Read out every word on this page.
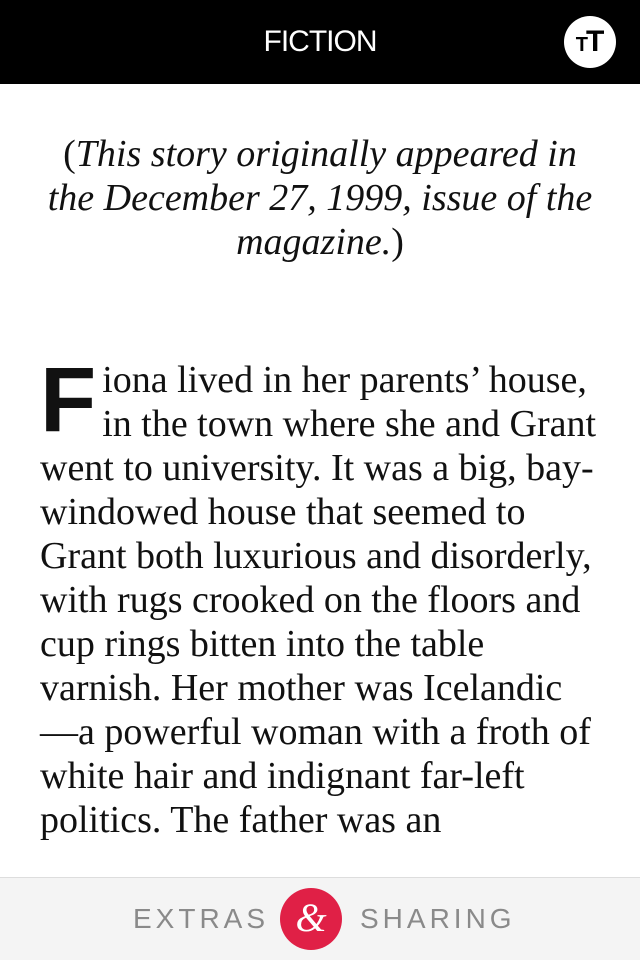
FICTION	TT

(This story originally appeared in the December 27, 1999, issue of the magazine.)

F iona lived in her parents’ house, in the town where she and Grant went to university. It was a big, bay-windowed house that seemed to Grant both luxurious and disorderly, with rugs crooked on the floors and cup rings bitten into the table varnish. Her mother was Icelandic—a powerful woman with a froth of white hair and indignant far-left politics. The father was an
EXTRAS &	SHARING
